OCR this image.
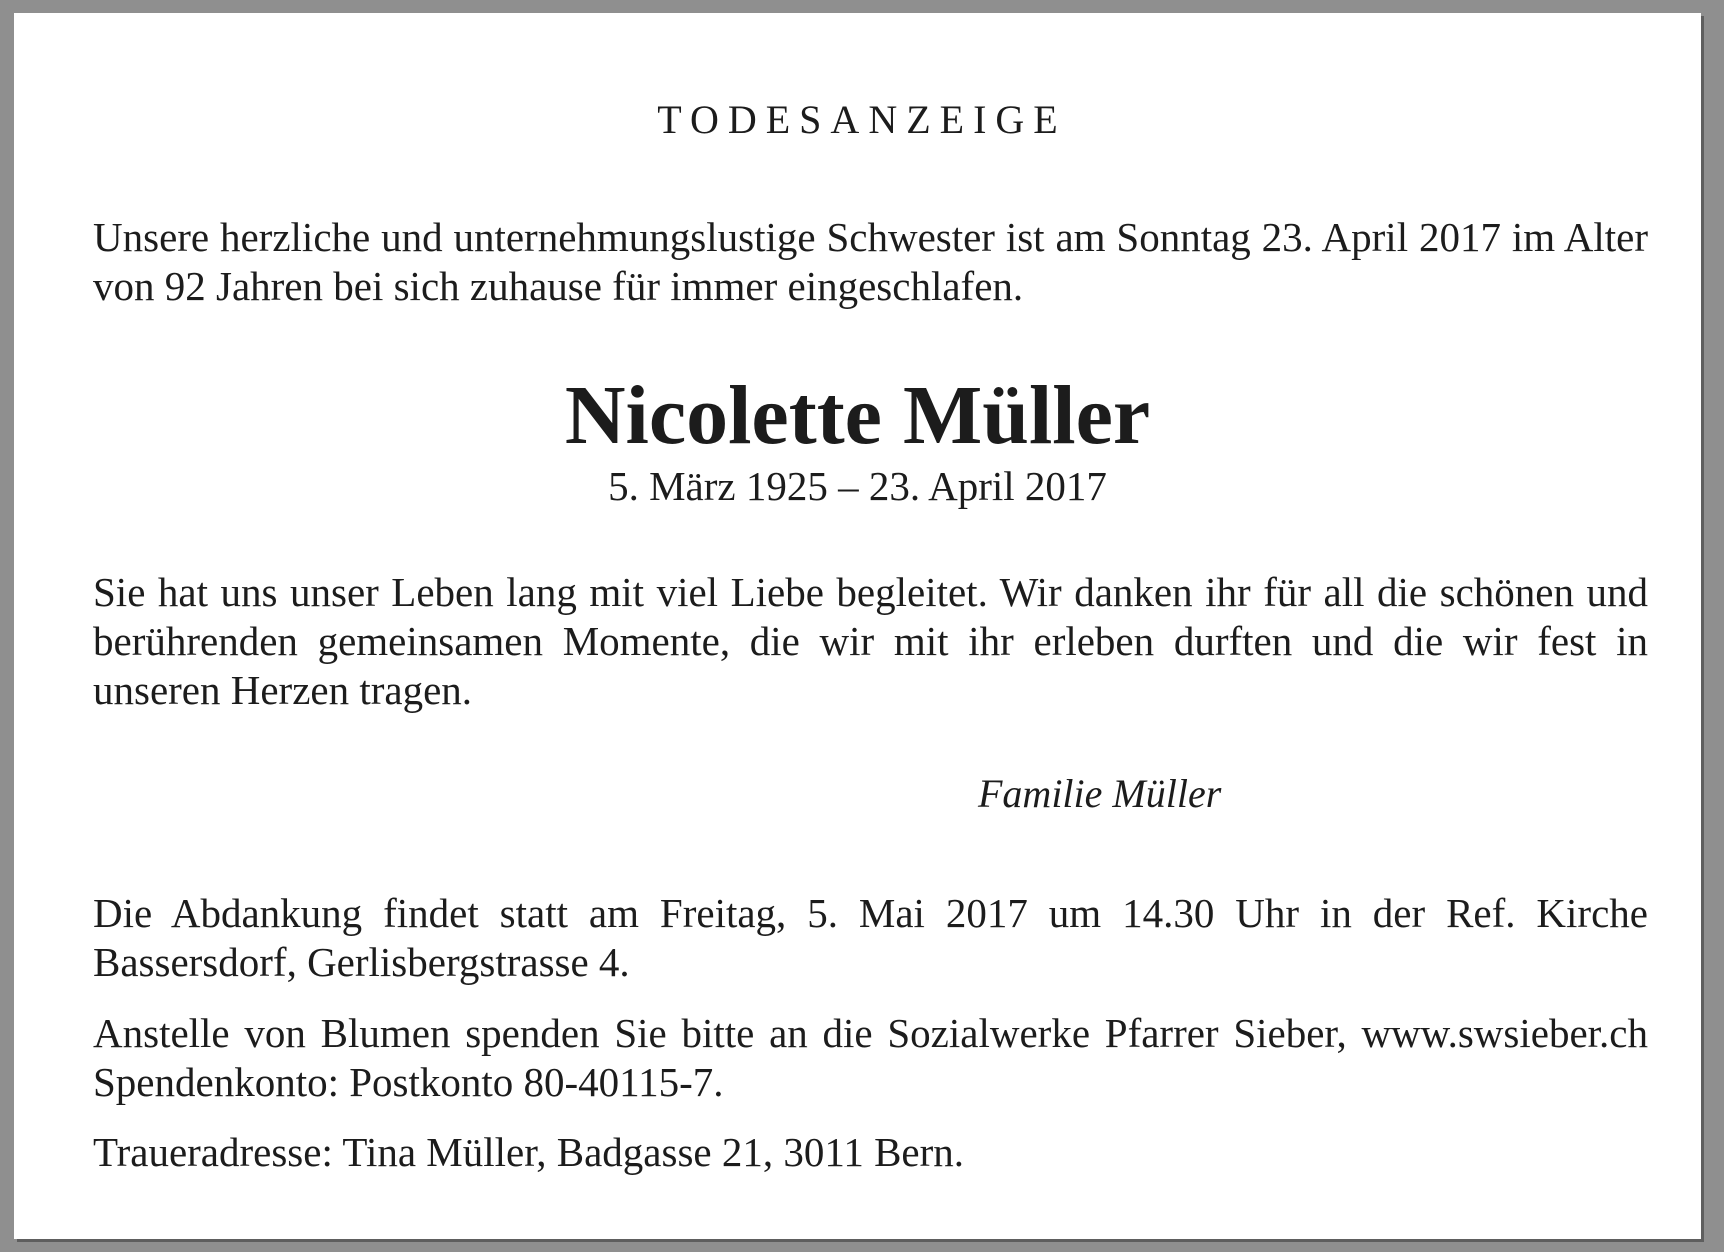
TODESANZEIGE
Unsere herzliche und unternehmungslustige Schwester ist am Sonntag 23. April 2017 im Alter von 92 Jahren bei sich zuhause für immer eingeschlafen.
Nicolette Müller
5. März 1925 – 23. April 2017
Sie hat uns unser Leben lang mit viel Liebe begleitet. Wir danken ihr für all die schönen und berührenden gemeinsamen Momente, die wir mit ihr erleben durften und die wir fest in unseren Herzen tragen.
Familie Müller
Die Abdankung findet statt am Freitag, 5. Mai 2017 um 14.30 Uhr in der Ref. Kirche Bassersdorf, Gerlisbergstrasse 4.
Anstelle von Blumen spenden Sie bitte an die Sozialwerke Pfarrer Sieber, www.swsieber.ch Spendenkonto: Postkonto 80-40115-7.
Traueradresse: Tina Müller, Badgasse 21, 3011 Bern.
